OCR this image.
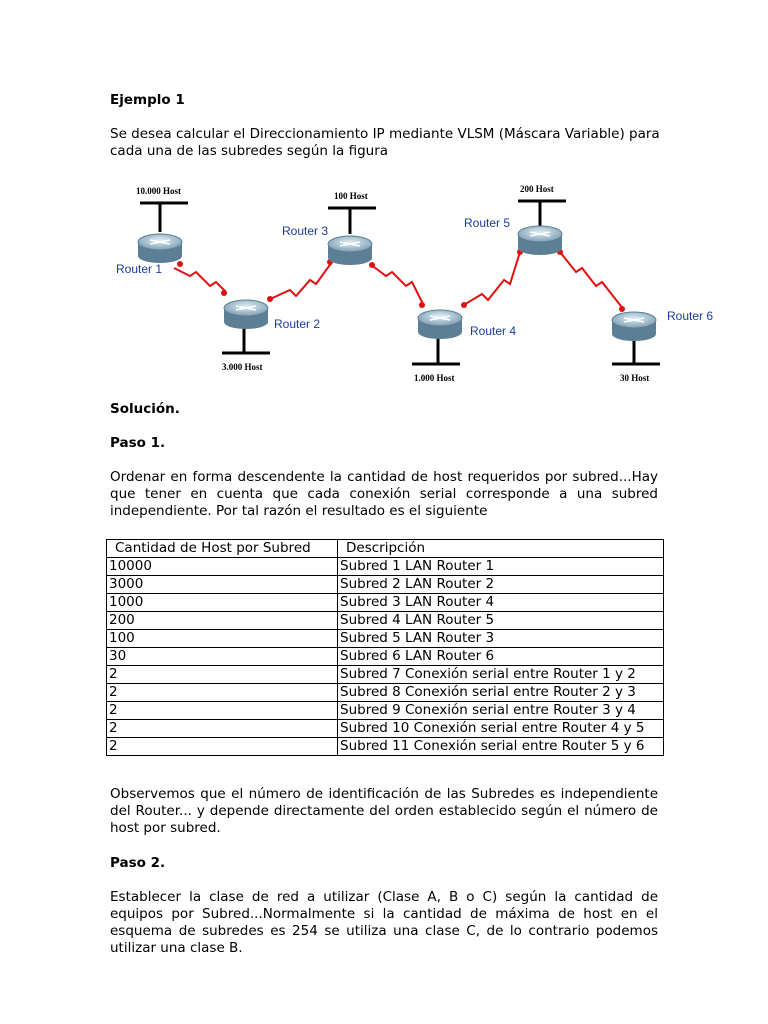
Ejemplo 1
Se desea calcular el Direccionamiento IP mediante VLSM (Máscara Variable) para cada una de las subredes según la figura
Router 1
Router 2
Router 3
Router 4
Router 5
Router 6
10.000 Host
3.000 Host
100 Host
1.000 Host
200 Host
30 Host
Solución.
Paso 1.
Ordenar en forma descendente la cantidad de host requeridos por subred...Hay que tener en cuenta que cada conexión serial corresponde a una subred independiente. Por tal razón el resultado es el siguiente
Cantidad de Host por Subred	Descripción
10000	Subred 1 LAN Router 1
3000	Subred 2 LAN Router 2
1000	Subred 3 LAN Router 4
200	Subred 4 LAN Router 5
100	Subred 5 LAN Router 3
30	Subred 6 LAN Router 6
2	Subred 7 Conexión serial entre Router 1 y 2
2	Subred 8 Conexión serial entre Router 2 y 3
2	Subred 9 Conexión serial entre Router 3 y 4
2	Subred 10 Conexión serial entre Router 4 y 5
2	Subred 11 Conexión serial entre Router 5 y 6
Observemos que el número de identificación de las Subredes es independiente del Router... y depende directamente del orden establecido según el número de host por subred.
Paso 2.
Establecer la clase de red a utilizar (Clase A, B o C) según la cantidad de equipos por Subred...Normalmente si la cantidad de máxima de host en el esquema de subredes es 254 se utiliza una clase C, de lo contrario podemos utilizar una clase B.
